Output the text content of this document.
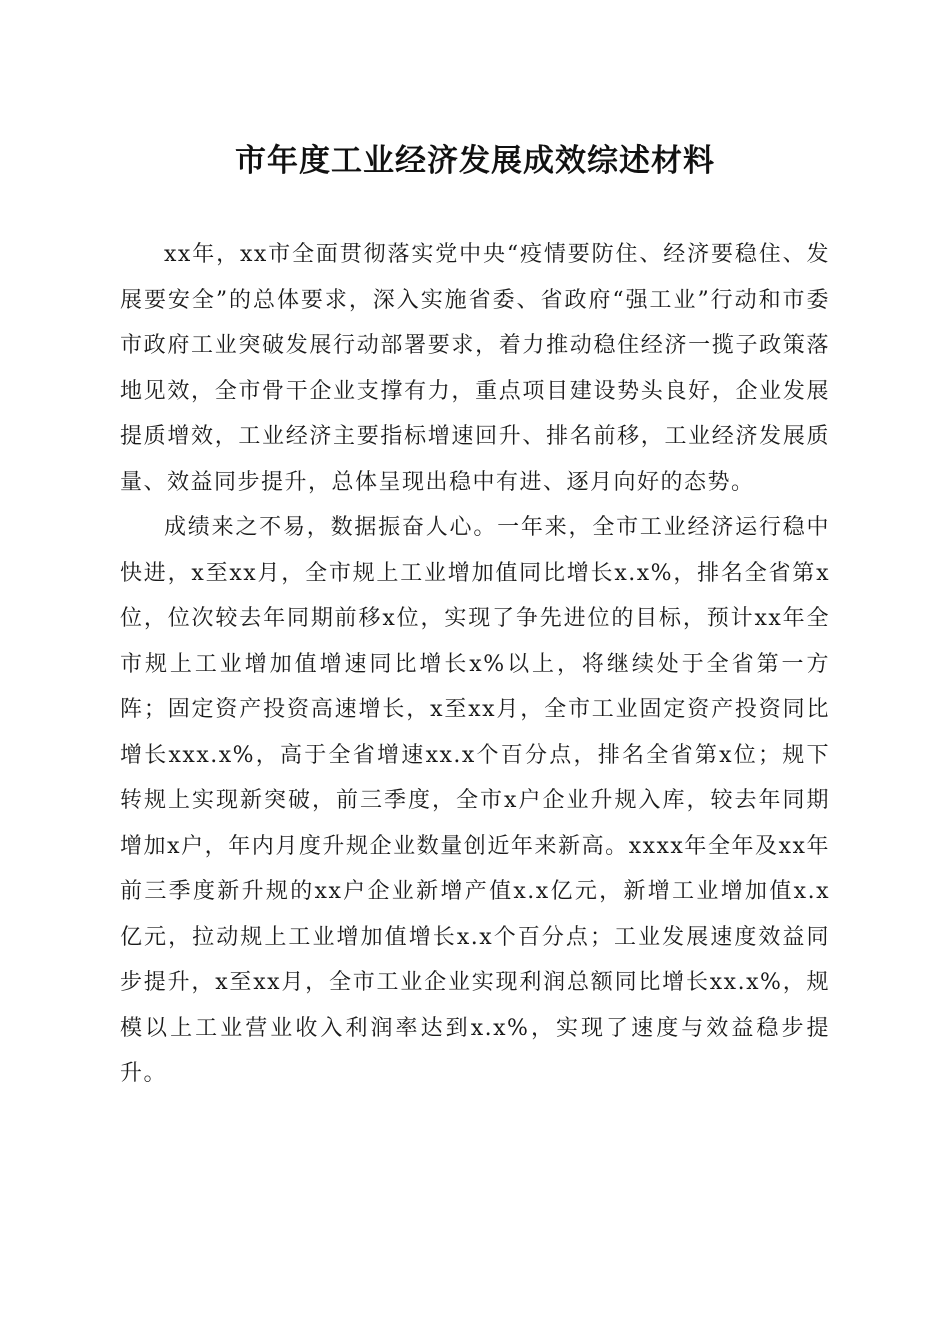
市年度工业经济发展成效综述材料

xx年，xx市全面贯彻落实党中央“疫情要防住、经济要稳住、发展要安全”的总体要求，深入实施省委、省政府“强工业”行动和市委市政府工业突破发展行动部署要求，着力推动稳住经济一揽子政策落地见效，全市骨干企业支撑有力，重点项目建设势头良好，企业发展提质增效，工业经济主要指标增速回升、排名前移，工业经济发展质量、效益同步提升，总体呈现出稳中有进、逐月向好的态势。

成绩来之不易，数据振奋人心。一年来，全市工业经济运行稳中快进，x至xx月，全市规上工业增加值同比增长x.x%，排名全省第x位，位次较去年同期前移x位，实现了争先进位的目标，预计xx年全市规上工业增加值增速同比增长x%以上，将继续处于全省第一方阵；固定资产投资高速增长，x至xx月，全市工业固定资产投资同比增长xxx.x%，高于全省增速xx.x个百分点，排名全省第x位；规下转规上实现新突破，前三季度，全市x户企业升规入库，较去年同期增加x户，年内月度升规企业数量创近年来新高。xxxx年全年及xx年前三季度新升规的xx户企业新增产值x.x亿元，新增工业增加值x.x亿元，拉动规上工业增加值增长x.x个百分点；工业发展速度效益同步提升，x至xx月，全市工业企业实现利润总额同比增长xx.x%，规模以上工业营业收入利润率达到x.x%，实现了速度与效益稳步提升。
